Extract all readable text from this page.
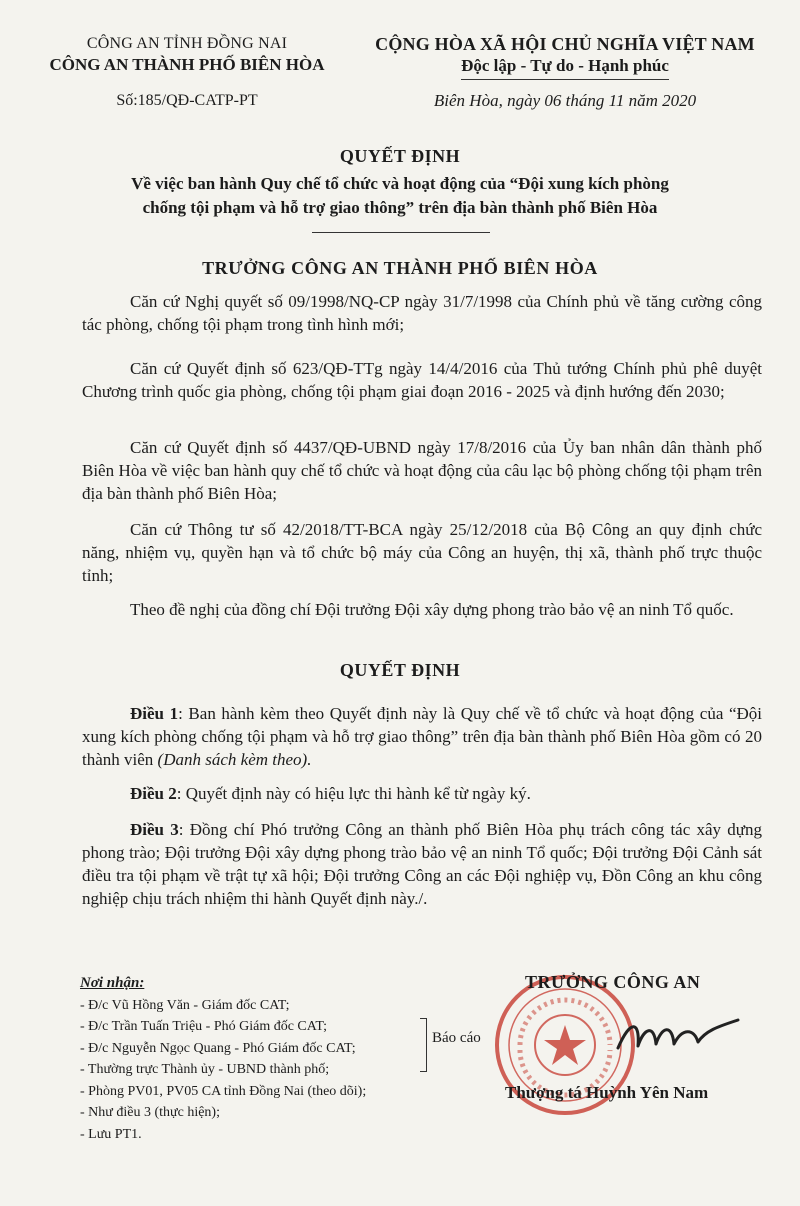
CÔNG AN TỈNH ĐỒNG NAI
CÔNG AN THÀNH PHỐ BIÊN HÒA
Số:185/QĐ-CATP-PT
CỘNG HÒA XÃ HỘI CHỦ NGHĨA VIỆT NAM
Độc lập - Tự do - Hạnh phúc
Biên Hòa, ngày 06 tháng 11 năm 2020
QUYẾT ĐỊNH
Về việc ban hành Quy chế tổ chức và hoạt động của “Đội xung kích phòng
chống tội phạm và hỗ trợ giao thông” trên địa bàn thành phố Biên Hòa
TRƯỞNG CÔNG AN THÀNH PHỐ BIÊN HÒA

Căn cứ Nghị quyết số 09/1998/NQ-CP ngày 31/7/1998 của Chính phủ về tăng cường công tác phòng, chống tội phạm trong tình hình mới;

Căn cứ Quyết định số 623/QĐ-TTg ngày 14/4/2016 của Thủ tướng Chính phủ phê duyệt Chương trình quốc gia phòng, chống tội phạm giai đoạn 2016 - 2025 và định hướng đến 2030;

Căn cứ Quyết định số 4437/QĐ-UBND ngày 17/8/2016 của Ủy ban nhân dân thành phố Biên Hòa về việc ban hành quy chế tổ chức và hoạt động của câu lạc bộ phòng chống tội phạm trên địa bàn thành phố Biên Hòa;

Căn cứ Thông tư số 42/2018/TT-BCA ngày 25/12/2018 của Bộ Công an quy định chức năng, nhiệm vụ, quyền hạn và tổ chức bộ máy của Công an huyện, thị xã, thành phố trực thuộc tỉnh;

Theo đề nghị của đồng chí Đội trưởng Đội xây dựng phong trào bảo vệ an ninh Tổ quốc.

QUYẾT ĐỊNH

Điều 1: Ban hành kèm theo Quyết định này là Quy chế về tổ chức và hoạt động của “Đội xung kích phòng chống tội phạm và hỗ trợ giao thông” trên địa bàn thành phố Biên Hòa gồm có 20 thành viên (Danh sách kèm theo).

Điều 2: Quyết định này có hiệu lực thi hành kể từ ngày ký.

Điều 3: Đồng chí Phó trưởng Công an thành phố Biên Hòa phụ trách công tác xây dựng phong trào; Đội trưởng Đội xây dựng phong trào bảo vệ an ninh Tổ quốc; Đội trưởng Đội Cảnh sát điều tra tội phạm về trật tự xã hội; Đội trưởng Công an các Đội nghiệp vụ, Đồn Công an khu công nghiệp chịu trách nhiệm thi hành Quyết định này./.

Nơi nhận:
- Đ/c Vũ Hồng Văn - Giám đốc CAT;
- Đ/c Trần Tuấn Triệu - Phó Giám đốc CAT;
- Đ/c Nguyễn Ngọc Quang - Phó Giám đốc CAT;
- Thường trực Thành ủy - UBND thành phố;
- Phòng PV01, PV05 CA tỉnh Đồng Nai (theo dõi);
- Như điều 3 (thực hiện);
- Lưu PT1.
Báo cáo
TRƯỞNG CÔNG AN
Thượng tá Huỳnh Yên Nam
